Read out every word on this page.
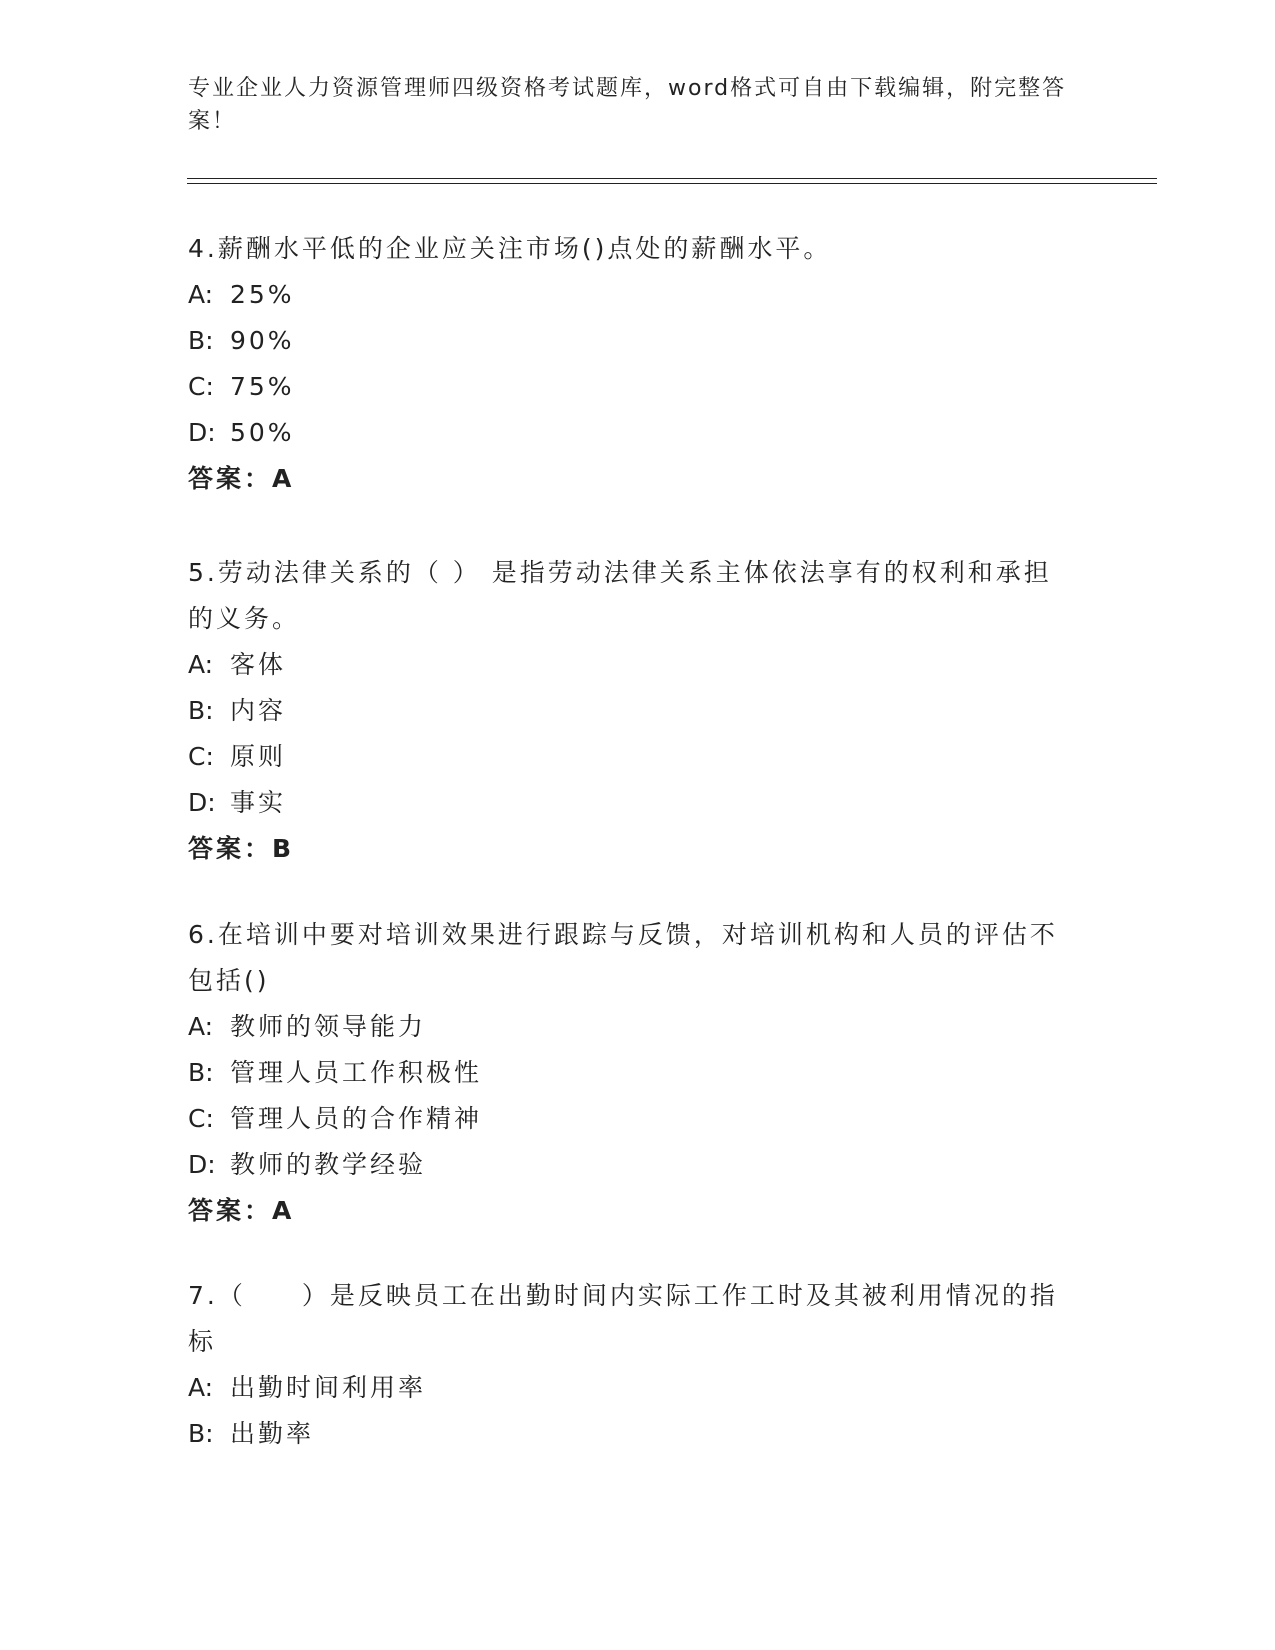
专业企业人力资源管理师四级资格考试题库，word格式可自由下载编辑，附完整答案！

4.薪酬水平低的企业应关注市场()点处的薪酬水平。

A: 25%

B: 90%

C: 75%

D: 50%

答案：A

5.劳动法律关系的（ ） 是指劳动法律关系主体依法享有的权利和承担的义务。

A: 客体

B: 内容

C: 原则

D: 事实

答案：B

6.在培训中要对培训效果进行跟踪与反馈，对培训机构和人员的评估不包括()

A: 教师的领导能力

B: 管理人员工作积极性

C: 管理人员的合作精神

D: 教师的教学经验

答案：A

7.（　　）是反映员工在出勤时间内实际工作工时及其被利用情况的指标

A: 出勤时间利用率

B: 出勤率
